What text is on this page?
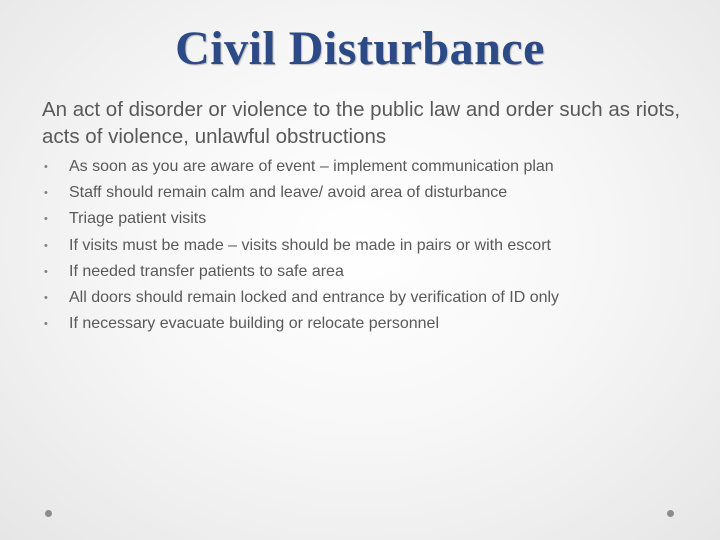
Civil Disturbance

An act of disorder or violence to the public law and order such as riots, acts of violence, unlawful obstructions

• As soon as you are aware of event – implement communication plan
• Staff should remain calm and leave/ avoid area of disturbance
• Triage patient visits
• If visits must be made – visits should be made in pairs or with escort
• If needed transfer patients to safe area
• All doors should remain locked and entrance by verification of ID only
• If necessary evacuate building or relocate personnel
